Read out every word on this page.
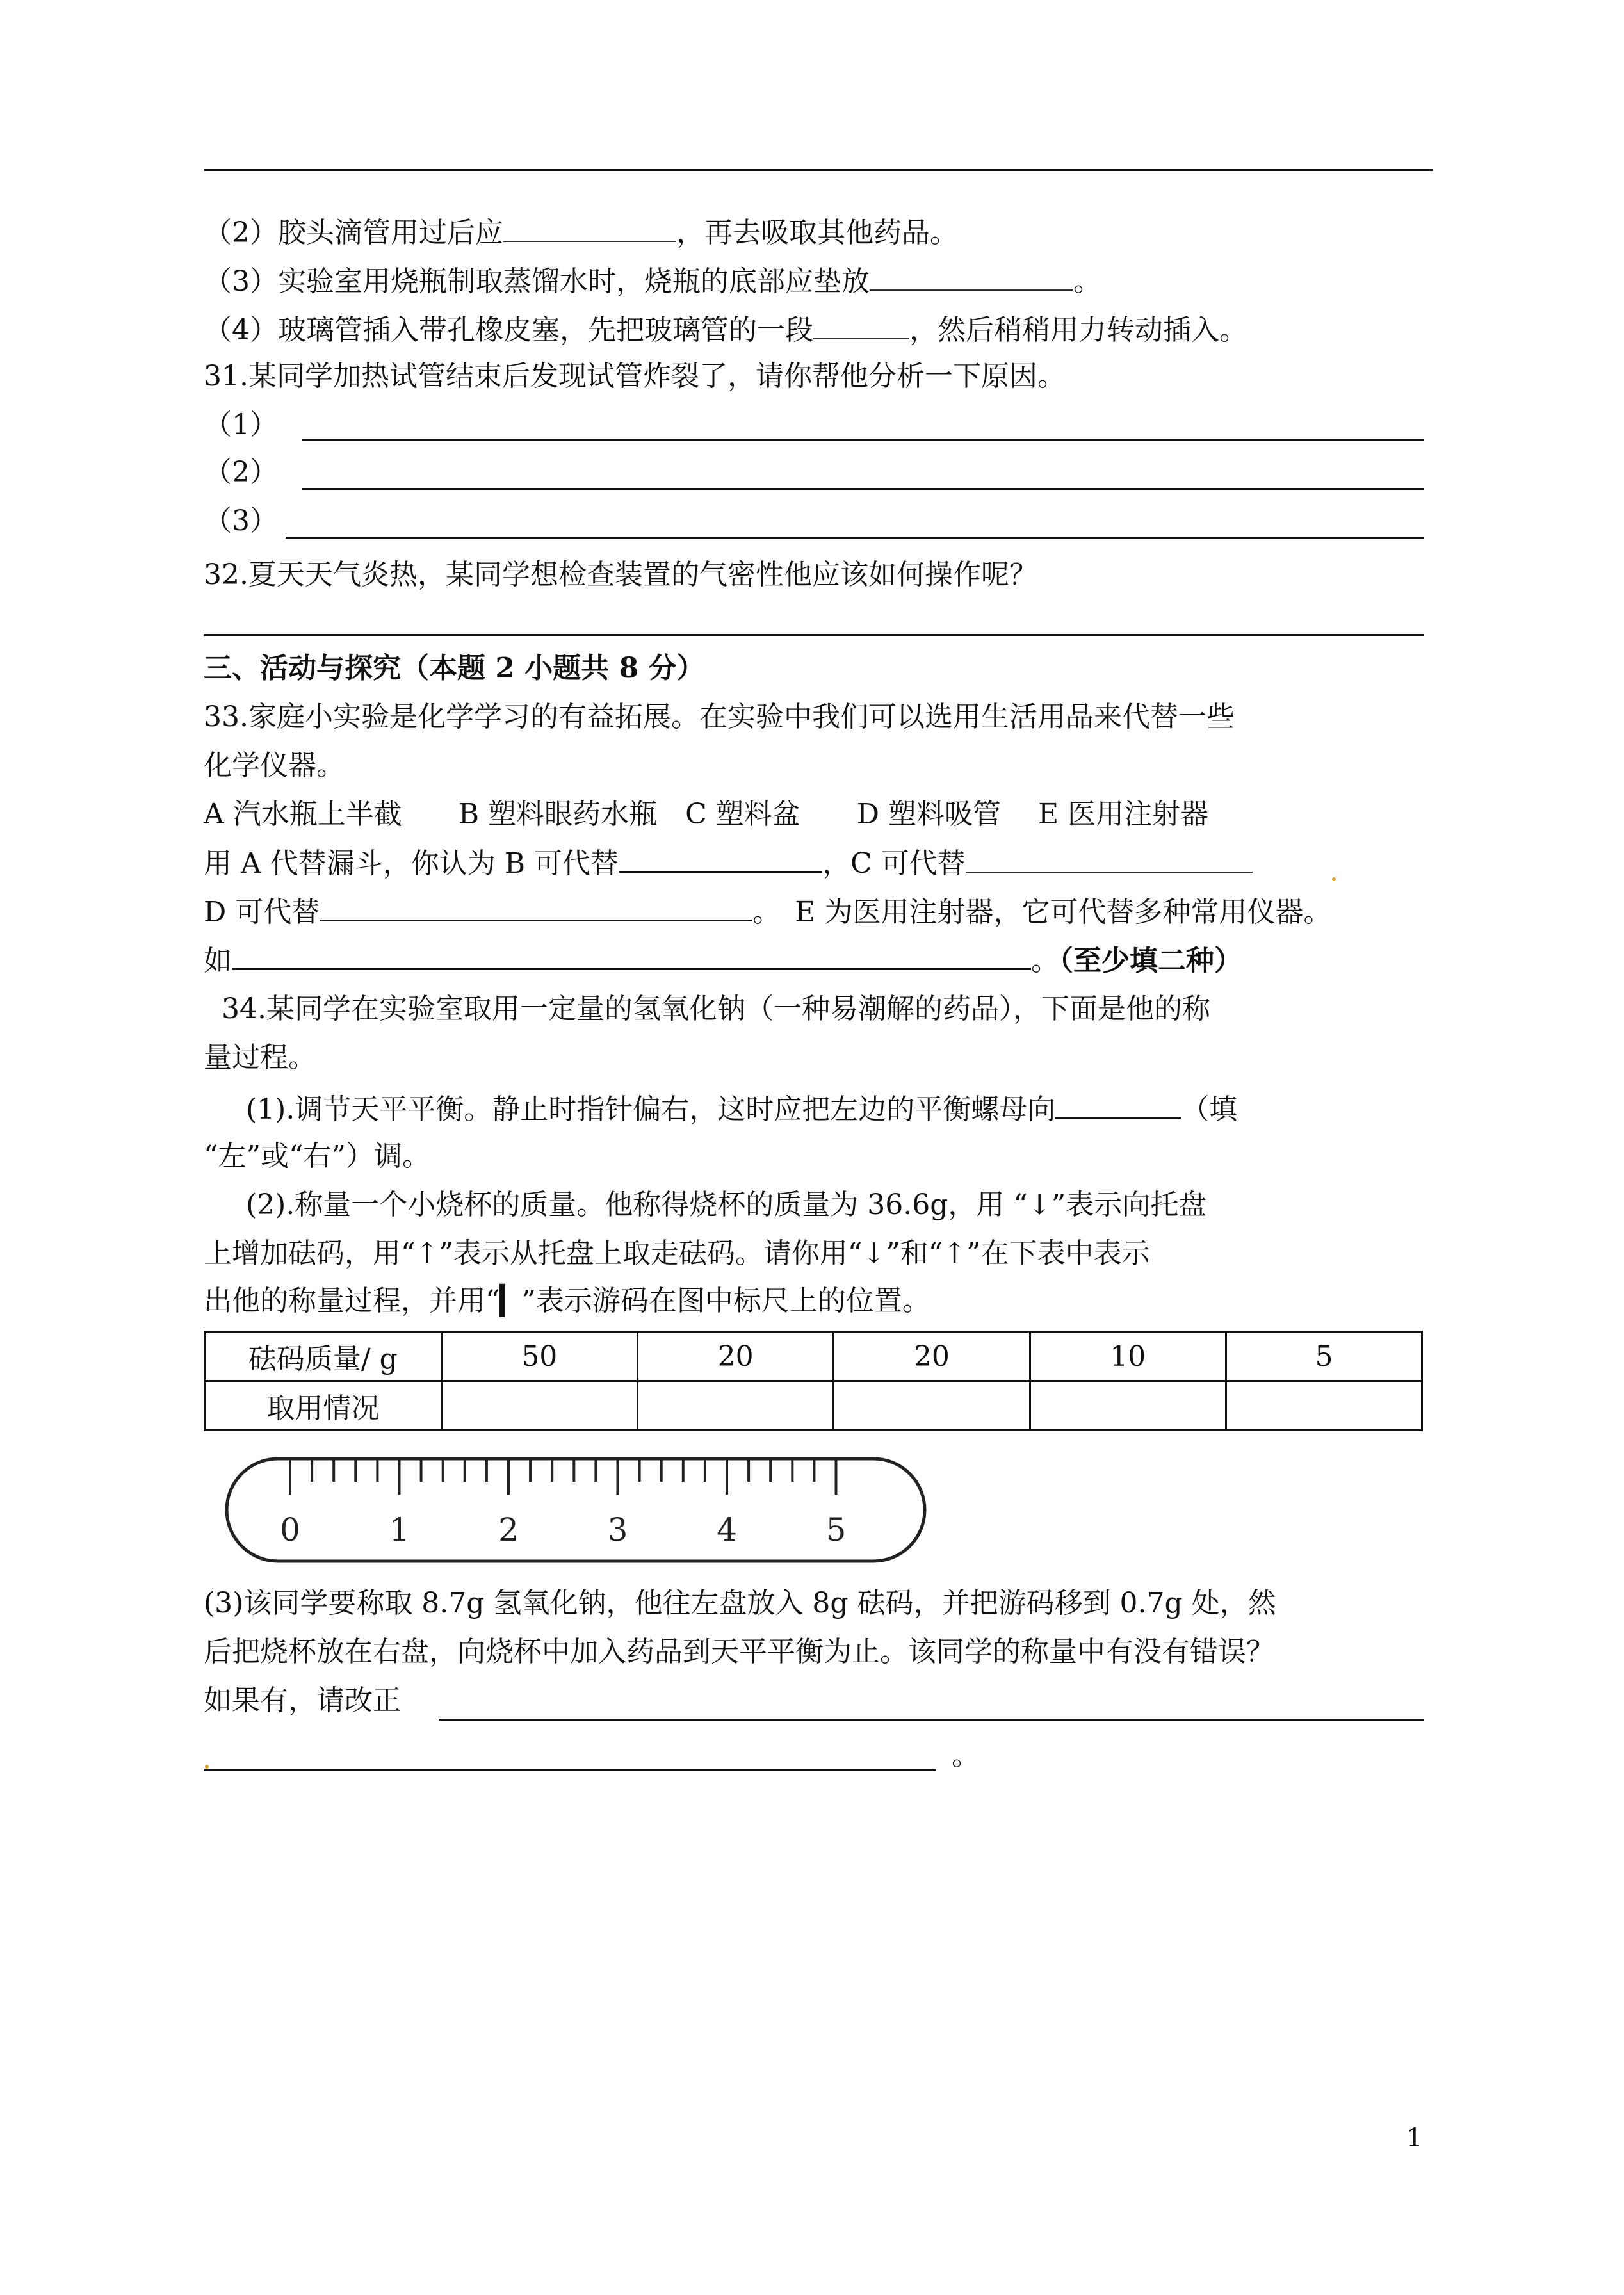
（2）胶头滴管用过后应	，再去吸取其他药品。
（3）实验室用烧瓶制取蒸馏水时，烧瓶的底部应垫放	。
（4）玻璃管插入带孔橡皮塞，先把玻璃管的一段	，然后稍稍用力转动插入。
31.某同学加热试管结束后发现试管炸裂了，请你帮他分析一下原因。
（1）
（2）
（3）
32.夏天天气炎热，某同学想检查装置的气密性他应该如何操作呢？
三、活动与探究（本题 2 小题共 8 分）
33.家庭小实验是化学学习的有益拓展。在实验中我们可以选用生活用品来代替一些
化学仪器。
A 汽水瓶上半截　　B 塑料眼药水瓶　C 塑料盆　　D 塑料吸管　 E 医用注射器
用 A 代替漏斗，你认为 B 可代替	，C 可代替
D 可代替	。　E 为医用注射器，它可代替多种常用仪器。
如	。（至少填二种）
34.某同学在实验室取用一定量的氢氧化钠（一种易潮解的药品），下面是他的称
量过程。
(1).调节天平平衡。静止时指针偏右，这时应把左边的平衡螺母向	（填
“左”或“右”）调。
(2).称量一个小烧杯的质量。他称得烧杯的质量为 36.6g，用 “↓”表示向托盘
上增加砝码，用“↑”表示从托盘上取走砝码。请你用“↓”和“↑”在下表中表示
出他的称量过程，并用“▎”表示游码在图中标尺上的位置。
砝码质量/ g	50	20	20	10	5
取用情况					
0	1	2	3	4	5
(3)该同学要称取 8.7g 氢氧化钠，他往左盘放入 8g 砝码，并把游码移到 0.7g 处，然
后把烧杯放在右盘，向烧杯中加入药品到天平平衡为止。该同学的称量中有没有错误？
如果有，请改正
。
1
